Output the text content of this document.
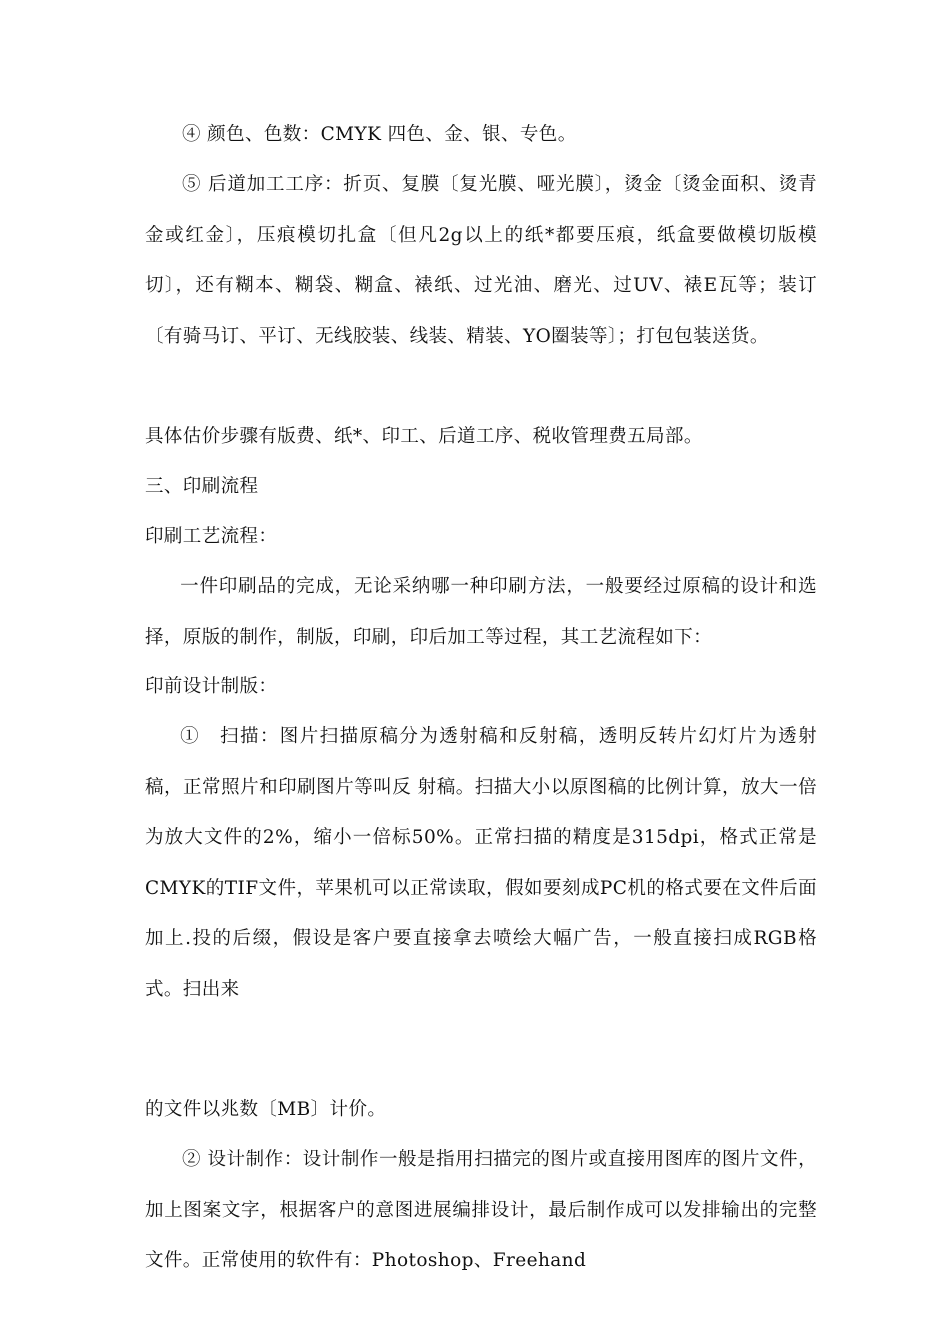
④ 颜色、色数：CMYK 四色、金、银、专色。

⑤ 后道加工工序：折页、复膜〔复光膜、哑光膜〕，烫金〔烫金面积、烫青金或红金〕，压痕模切扎盒〔但凡2g以上的纸*都要压痕，纸盒要做模切版模切〕，还有糊本、糊袋、糊盒、裱纸、过光油、磨光、过UV、裱E瓦等；装订〔有骑马订、平订、无线胶装、线装、精装、YO圈装等〕；打包包装送货。

具体估价步骤有版费、纸*、印工、后道工序、税收管理费五局部。

三、印刷流程

印刷工艺流程：

一件印刷品的完成，无论采纳哪一种印刷方法，一般要经过原稿的设计和选择，原版的制作，制版，印刷，印后加工等过程，其工艺流程如下：

印前设计制版：

①　扫描：图片扫描原稿分为透射稿和反射稿，透明反转片幻灯片为透射稿，正常照片和印刷图片等叫反 射稿。扫描大小以原图稿的比例计算，放大一倍为放大文件的2%，缩小一倍标50%。正常扫描的精度是315dpi，格式正常是CMYK的TIF文件，苹果机可以正常读取，假如要刻成PC机的格式要在文件后面加上.投的后缀，假设是客户要直接拿去喷绘大幅广告，一般直接扫成RGB格式。扫出来

的文件以兆数〔MB〕计价。

② 设计制作：设计制作一般是指用扫描完的图片或直接用图库的图片文件，加上图案文字，根据客户的意图进展编排设计，最后制作成可以发排输出的完整文件。正常使用的软件有：Photoshop、Freehand
